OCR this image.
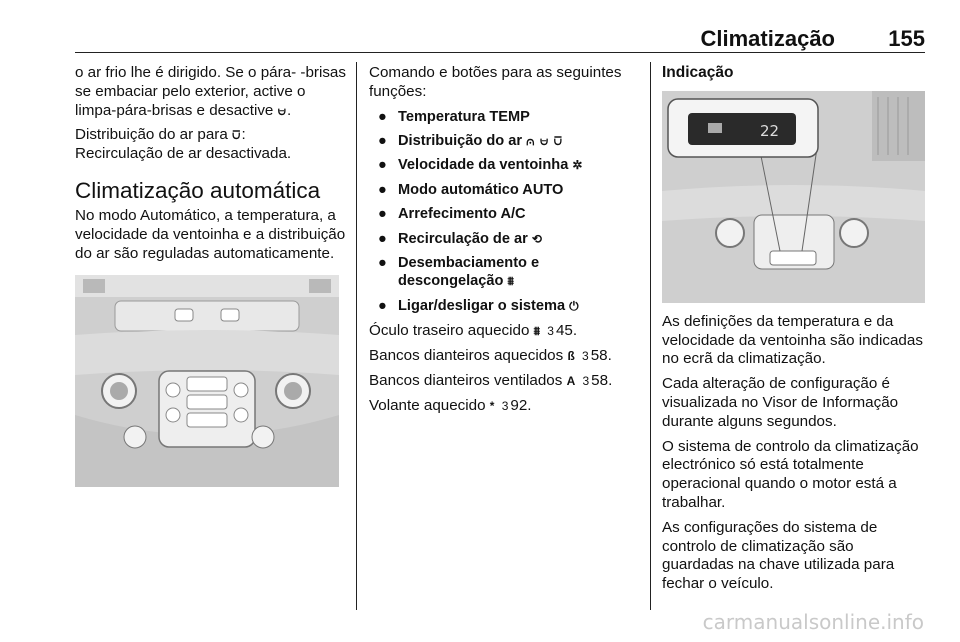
Climatização 155

o ar frio lhe é dirigido. Se o pára- -brisas se embaciar pelo exterior, active o limpa-pára-brisas e desactive ⩁.

Distribuição do ar para ⩂:
Recirculação de ar desactivada.

Climatização automática

No modo Automático, a temperatura, a velocidade da ventoinha e a distribuição do ar são reguladas automaticamente.

Comando e botões para as seguintes funções:

● Temperatura TEMP
● Distribuição do ar ⩀ ⩁ ⩂
● Velocidade da ventoinha ✲
● Modo automático AUTO
● Arrefecimento A/C
● Recirculação de ar ⟲
● Desembaciamento e descongelação ⩩
● Ligar/desligar o sistema ⏻

Óculo traseiro aquecido ⩩ 3 45.

Bancos dianteiros aquecidos ß 3 58.

Bancos dianteiros ventilados A 3 58.

Volante aquecido * 3 92.

Indicação
22

As definições da temperatura e da velocidade da ventoinha são indicadas no ecrã da climatização.

Cada alteração de configuração é visualizada no Visor de Informação durante alguns segundos.

O sistema de controlo da climatização electrónico só está totalmente operacional quando o motor está a trabalhar.

As configurações do sistema de controlo de climatização são guardadas na chave utilizada para fechar o veículo.

carmanualsonline.info
